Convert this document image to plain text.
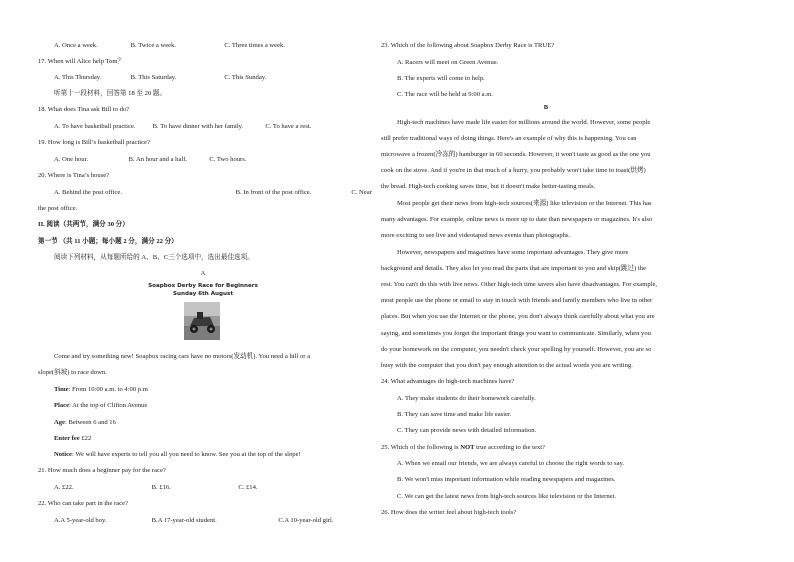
A. Once a week.	B. Twice a week.	C. Three times a week.
17. When will Alice help Tom？
A. This Thursday.	B. This Saturday.	C. This Sunday.
听第十一段材料，回答第 18 至 20 题。
18. What does Tina ask Bill to do?
A. To have basketball practice.	B. To have dinner with her family.	C. To have a rest.
19. How long is Bill’s basketball practice?
A. One hour.	B. An hour and a half.	C. Two hours.
20. Where is Tina’s house?
A. Behind the post office.	B. In front of the post office.	C. Near
the post office.
II. 阅读（共两节，满分 30 分）
第一节 （共 11 小题；每小题 2 分，满分 22 分）
阅读下列材料，从每题所给的 A、B、C三个选项中，选出最佳选项。
A
Soapbox Derby Race for Beginners
Sunday 6th August
Come and try something new! Soapbox racing cars have no motors(发动机). You need a hill or a
slope(斜坡) to race down.
Time: From 10:00 a.m. to 4:00 p.m
Place: At the top of Clifton Avenue
Age: Between 6 and 16
Enter fee £22
Notice: We will have experts to tell you all you need to know. See you at the top of the slope!
21. How much does a beginner pay for the race?
A. £22.	B. £16.	C. £14.
22. Who can take part in the race?
A.A 5-year-old boy.	B.A 17-year-old student.	C.A 10-year-old girl.
23. Which of the following about Soapbox Derby Race is TRUE?
A. Racers will meet on Green Avenue.
B. The experts will come to help.
C. The race will be held at 9:00 a.m.
B
High-tech machines have made life easier for millions around the world. However, some people
still prefer traditional ways of doing things. Here's an example of why this is happening. You can
microwave a frozen(冷冻的) hamburger in 60 seconds. However, it won't taste as good as the one you
cook on the stove. And if you're in that much of a hurry, you probably won't take time to toast(烘烤)
the bread. High-tech cooking saves time, but it doesn't make better-tasting meals.
Most people get their news from high-tech sources(来源) like television or the Internet. This has
many advantages. For example, online news is more up to date than newspapers or magazines. It's also
more exciting to see live and videotaped news events than photographs.
However, newspapers and magazines have some important advantages. They give more
background and details. They also let you read the parts that are important to you and skip(跳过) the
rest. You can't do this with live news. Other high-tech time savers also have disadvantages. For example,
most people use the phone or email to stay in touch with friends and family members who live in other
places. But when you use the Internet or the phone, you don't always think carefully about what you are
saying, and sometimes you forget the important things you want to communicate. Similarly, when you
do your homework on the computer, you needn't check your spelling by yourself. However, you are so
busy with the computer that you don't pay enough attention to the actual words you are writing.
24. What advantages do high-tech machines have?
A. They make students do their homework carefully.
B. They can save time and make life easier.
C. They can provide news with detailed information.
25. Which of the following is NOT true according to the text?
A. When we email our friends, we are always careful to choose the right words to say.
B. We won't miss important information while reading newspapers and magazines.
C. We can get the latest news from high-tech sources like television or the Internet.
26. How does the writer feel about high-tech tools?
